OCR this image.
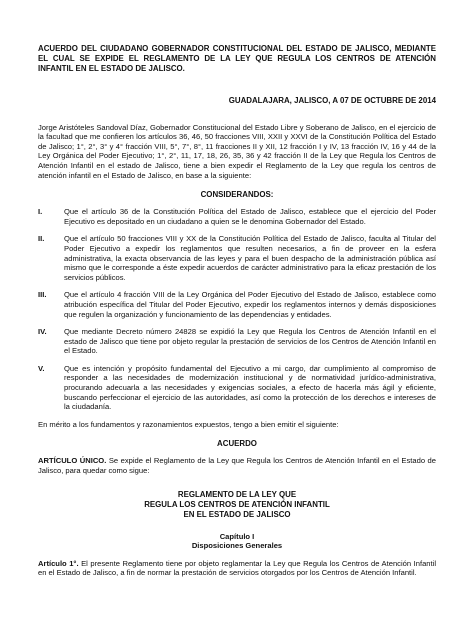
ACUERDO DEL CIUDADANO GOBERNADOR CONSTITUCIONAL DEL ESTADO DE JALISCO, MEDIANTE EL CUAL SE EXPIDE EL REGLAMENTO DE LA LEY QUE REGULA LOS CENTROS DE ATENCIÓN INFANTIL EN EL ESTADO DE JALISCO.

GUADALAJARA, JALISCO, A 07 DE OCTUBRE DE 2014

Jorge Aristóteles Sandoval Díaz, Gobernador Constitucional del Estado Libre y Soberano de Jalisco, en el ejercicio de la facultad que me confieren los artículos 36, 46, 50 fracciones VIII, XXII y XXVI de la Constitución Política del Estado de Jalisco; 1°, 2°, 3° y 4° fracción VIII, 5°, 7°, 8°, 11 fracciones II y XII, 12 fracción I y IV, 13 fracción IV, 16 y 44 de la Ley Orgánica del Poder Ejecutivo; 1°, 2°, 11, 17, 18, 26, 35, 36 y 42 fracción II de la Ley que Regula los Centros de Atención Infantil en el estado de Jalisco, tiene a bien expedir el Reglamento de la Ley que regula los centros de atención infantil en el Estado de Jalisco, en base a la siguiente:

CONSIDERANDOS:

I.	Que el artículo 36 de la Constitución Política del Estado de Jalisco, establece que el ejercicio del Poder Ejecutivo es depositado en un ciudadano a quien se le denomina Gobernador del Estado.

II.	Que el artículo 50 fracciones VIII y XX de la Constitución Política del Estado de Jalisco, faculta al Titular del Poder Ejecutivo a expedir los reglamentos que resulten necesarios, a fin de proveer en la esfera administrativa, la exacta observancia de las leyes y para el buen despacho de la administración pública así mismo que le corresponde a éste expedir acuerdos de carácter administrativo para la eficaz prestación de los servicios públicos.

III.	Que el artículo 4 fracción VIII de la Ley Orgánica del Poder Ejecutivo del Estado de Jalisco, establece como atribución específica del Titular del Poder Ejecutivo, expedir los reglamentos internos y demás disposiciones que regulen la organización y funcionamiento de las dependencias y entidades.

IV.	Que mediante Decreto número 24828 se expidió la Ley que Regula los Centros de Atención Infantil en el estado de Jalisco que tiene por objeto regular la prestación de servicios de los Centros de Atención Infantil en el Estado.

V.	Que es intención y propósito fundamental del Ejecutivo a mi cargo, dar cumplimiento al compromiso de responder a las necesidades de modernización institucional y de normatividad jurídico-administrativa, procurando adecuarla a las necesidades y exigencias sociales, a efecto de hacerla más ágil y eficiente, buscando perfeccionar el ejercicio de las autoridades, así como la protección de los derechos e intereses de la ciudadanía.

En mérito a los fundamentos y razonamientos expuestos, tengo a bien emitir el siguiente:

ACUERDO

ARTÍCULO ÚNICO. Se expide el Reglamento de la Ley que Regula los Centros de Atención Infantil en el Estado de Jalisco, para quedar como sigue:

REGLAMENTO DE LA LEY QUE
REGULA LOS CENTROS DE ATENCIÓN INFANTIL
EN EL ESTADO DE JALISCO
Capítulo I
Disposiciones Generales

Artículo 1°. El presente Reglamento tiene por objeto reglamentar la Ley que Regula los Centros de Atención Infantil en el Estado de Jalisco, a fin de normar la prestación de servicios otorgados por los Centros de Atención Infantil.
